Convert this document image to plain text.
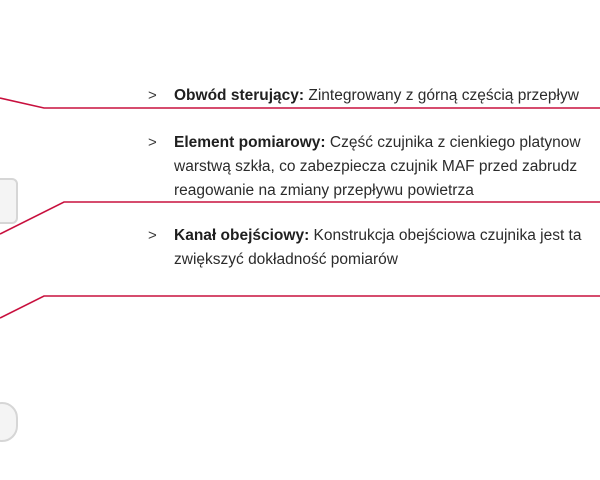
>	Obwód sterujący: Zintegrowany z górną częścią przepływ
>	Element pomiarowy: Część czujnika z cienkiego platynow
warstwą szkła, co zabezpiecza czujnik MAF przed zabrudz
reagowanie na zmiany przepływu powietrza
>	Kanał obejściowy: Konstrukcja obejściowa czujnika jest ta
zwiększyć dokładność pomiarów
